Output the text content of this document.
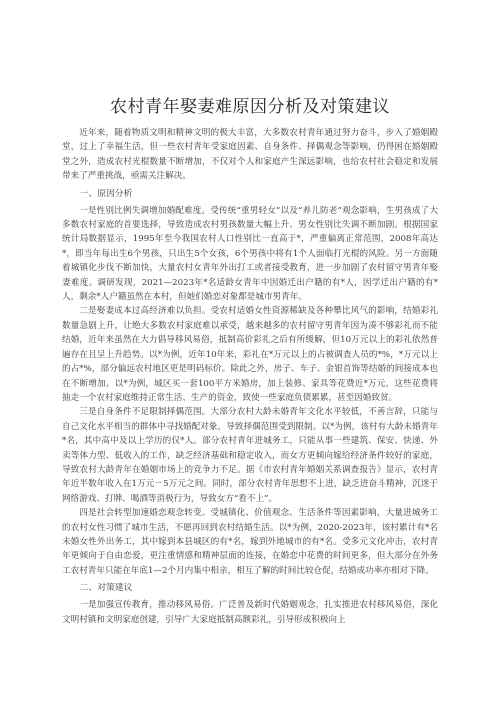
农村青年娶妻难原因分析及对策建议

近年来，随着物质文明和精神文明的极大丰富，大多数农村青年通过努力奋斗，步入了婚姻殿堂，过上了幸福生活，但一些农村青年受家庭因素、自身条件、择偶观念等影响，仍得困在婚姻殿堂之外，造成农村光棍数量不断增加，不仅对个人和家庭产生深远影响，也给农村社会稳定和发展带来了严重挑战，亟需关注解决。

一、原因分析

一是性别比例失调增加婚配难度。受传统“重男轻女”以及“养儿防老”观念影响，生男孩成了大多数农村家庭的首要选择，导致造成农村男孩数量大幅上升、男女性别比失调不断加剧。根据国家统计局数据显示，1995年至今我国农村人口性别比一直高于*，严重偏离正常范围，2008年高达*，即当年每出生6个男孩，只出生5个女孩，6个男孩中将有1个人面临打光棍的风险。另一方面随着城镇化步伐不断加快，大量农村女青年外出打工或者接受教育，进一步加剧了农村留守男青年娶妻难度。调研发现，2021—2023年*名适龄女青年中因婚迁出户籍的有*人，因学迁出户籍的有*人，剩余*人户籍虽然在本村，但她们婚恋对象都是城市男青年。

二是娶妻成本过高经济难以负担。受农村适婚女性资源稀缺及各种攀比风气的影响，结婚彩礼数量急剧上升，让绝大多数农村家庭难以承受，越来越多的农村留守男青年因为凑不够彩礼而不能结婚，近年来虽然在大力倡导移风易俗，抵制高价彩礼之后有所缓解，但10万元以上的彩礼依然普遍存在且呈上升趋势。以*为例，近年10年来，彩礼在*万元以上的占被调查人员的*%，*万元以上的占*%，部分偏远农村地区更是明码标价。除此之外，房子、车子、金银首饰等结婚的间接成本也在不断增加。以*为例，城区买一套100平方米婚房，加上装修、家具等花费近*万元，这些花费将抽走一个农村家庭维持正常生活、生产的资金，致使一些家庭负债累累，甚至因婚致贫。

三是自身条件不足限制择偶范围。大部分农村大龄未婚青年文化水平较低，不善言辞，只能与自己文化水平相当的群体中寻找婚配对象，导致择偶范围受到限制。以*为例，该村有大龄未婚青年*名，其中高中及以上学历的仅*人。部分农村青年进城务工，只能从事一些建筑、保安、快递、外卖等体力型、低收入的工作，缺乏经济基础和稳定收入，而女方更倾向嫁给经济条件较好的家庭，导致农村大龄青年在婚姻市场上的竞争力不足。据《市农村青年婚姻关系调查报告》显示，农村青年近半数年收入在1万元－5万元之间。同时，部分农村青年思想不上进，缺乏进奋斗精神，沉迷于网络游戏、打牌、喝酒等消极行为，导致女方“看不上”。

四是社会转型加速婚恋观念转变。受城镇化、价值观念、生活条件等因素影响，大量进城务工的农村女性习惯了城市生活，不愿再回到农村结婚生活。以*为例，2020-2023年，该村累计有*名未婚女性外出务工，其中嫁到本县城区的有*名，嫁到外地城市的有*名。受多元文化冲击，农村青年更倾向于自由恋爱，更注重情感和精神层面的连接，在婚恋中花费的时间更多，但大部分在外务工农村青年只能在年底1—2个月内集中相亲，相互了解的时间比较仓促，结婚成功率亦相对下降。

二、对策建议

一是加强宣传教育，推动移风易俗。广泛普及新时代婚姻观念，扎实推进农村移风易俗，深化文明村镇和文明家庭创建，引导广大家庭抵制高额彩礼，引导形成积极向上
